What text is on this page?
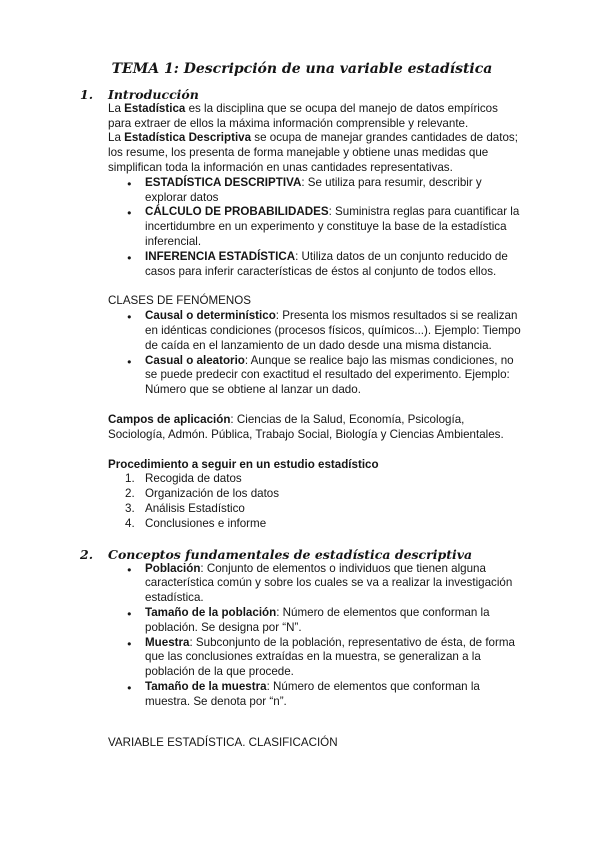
TEMA 1: Descripción de una variable estadística
1. Introducción
La Estadística es la disciplina que se ocupa del manejo de datos empíricos para extraer de ellos la máxima información comprensible y relevante.
La Estadística Descriptiva se ocupa de manejar grandes cantidades de datos; los resume, los presenta de forma manejable y obtiene unas medidas que simplifican toda la información en unas cantidades representativas.
● ESTADÍSTICA DESCRIPTIVA: Se utiliza para resumir, describir y explorar datos
● CÁLCULO DE PROBABILIDADES: Suministra reglas para cuantificar la incertidumbre en un experimento y constituye la base de la estadística inferencial.
● INFERENCIA ESTADÍSTICA: Utiliza datos de un conjunto reducido de casos para inferir características de éstos al conjunto de todos ellos.
CLASES DE FENÓMENOS
● Causal o determinístico: Presenta los mismos resultados si se realizan en idénticas condiciones (procesos físicos, químicos...). Ejemplo: Tiempo de caída en el lanzamiento de un dado desde una misma distancia.
● Casual o aleatorio: Aunque se realice bajo las mismas condiciones, no se puede predecir con exactitud el resultado del experimento. Ejemplo: Número que se obtiene al lanzar un dado.
Campos de aplicación: Ciencias de la Salud, Economía, Psicología, Sociología, Admón. Pública, Trabajo Social, Biología y Ciencias Ambientales.
Procedimiento a seguir en un estudio estadístico
Recogida de datos
Organización de los datos
Análisis Estadístico
Conclusiones e informe
2. Conceptos fundamentales de estadística descriptiva
● Población: Conjunto de elementos o individuos que tienen alguna característica común y sobre los cuales se va a realizar la investigación estadística.
● Tamaño de la población: Número de elementos que conforman la población. Se designa por “N”.
● Muestra: Subconjunto de la población, representativo de ésta, de forma que las conclusiones extraídas en la muestra, se generalizan a la población de la que procede.
● Tamaño de la muestra: Número de elementos que conforman la muestra. Se denota por “n”.
VARIABLE ESTADÍSTICA. CLASIFICACIÓN
